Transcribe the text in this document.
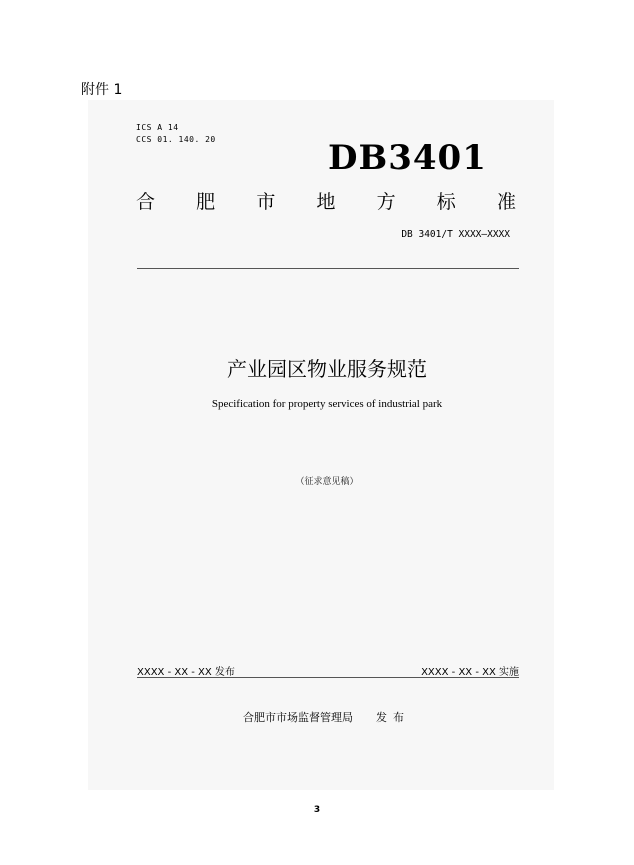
附件 1
ICS A 14
CCS 01. 140. 20	DB3401
合 肥 市 地 方 标 准
DB 3401/T XXXX—XXXX
产业园区物业服务规范
Specification for property services of industrial park
（征求意见稿）
XXXX - XX - XX 发布	XXXX - XX - XX 实施
合肥市市场监督管理局 发布
3
